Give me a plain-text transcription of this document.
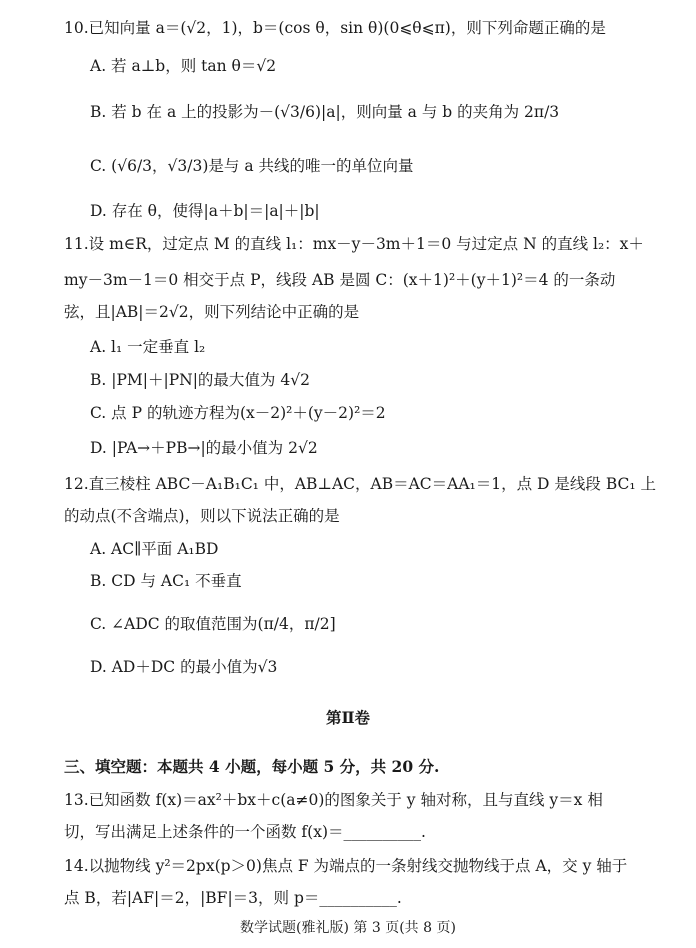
10.已知向量 a＝(√2，1)，b＝(cos θ，sin θ)(0⩽θ⩽π)，则下列命题正确的是
A. 若 a⊥b，则 tan θ＝√2
B. 若 b 在 a 上的投影为－(√3/6)|a|，则向量 a 与 b 的夹角为 2π/3
C. (√6/3，√3/3)是与 a 共线的唯一的单位向量
D. 存在 θ，使得|a＋b|＝|a|＋|b|
11.设 m∈R，过定点 M 的直线 l₁：mx－y－3m＋1＝0 与过定点 N 的直线 l₂：x＋
my－3m－1＝0 相交于点 P，线段 AB 是圆 C：(x＋1)²＋(y＋1)²＝4 的一条动
弦，且|AB|＝2√2，则下列结论中正确的是
A. l₁ 一定垂直 l₂
B. |PM|＋|PN|的最大值为 4√2
C. 点 P 的轨迹方程为(x－2)²＋(y－2)²＝2
D. |PA→＋PB→|的最小值为 2√2
12.直三棱柱 ABC－A₁B₁C₁ 中，AB⊥AC，AB＝AC＝AA₁＝1，点 D 是线段 BC₁ 上
的动点(不含端点)，则以下说法正确的是
A. AC∥平面 A₁BD
B. CD 与 AC₁ 不垂直
C. ∠ADC 的取值范围为(π/4，π/2]
D. AD＋DC 的最小值为√3
第Ⅱ卷
三、填空题：本题共 4 小题，每小题 5 分，共 20 分.
13.已知函数 f(x)＝ax²＋bx＋c(a≠0)的图象关于 y 轴对称，且与直线 y＝x 相
切，写出满足上述条件的一个函数 f(x)＝__________.
14.以抛物线 y²＝2px(p＞0)焦点 F 为端点的一条射线交抛物线于点 A，交 y 轴于
点 B，若|AF|＝2，|BF|＝3，则 p＝__________.
数学试题(雅礼版) 第 3 页(共 8 页)
